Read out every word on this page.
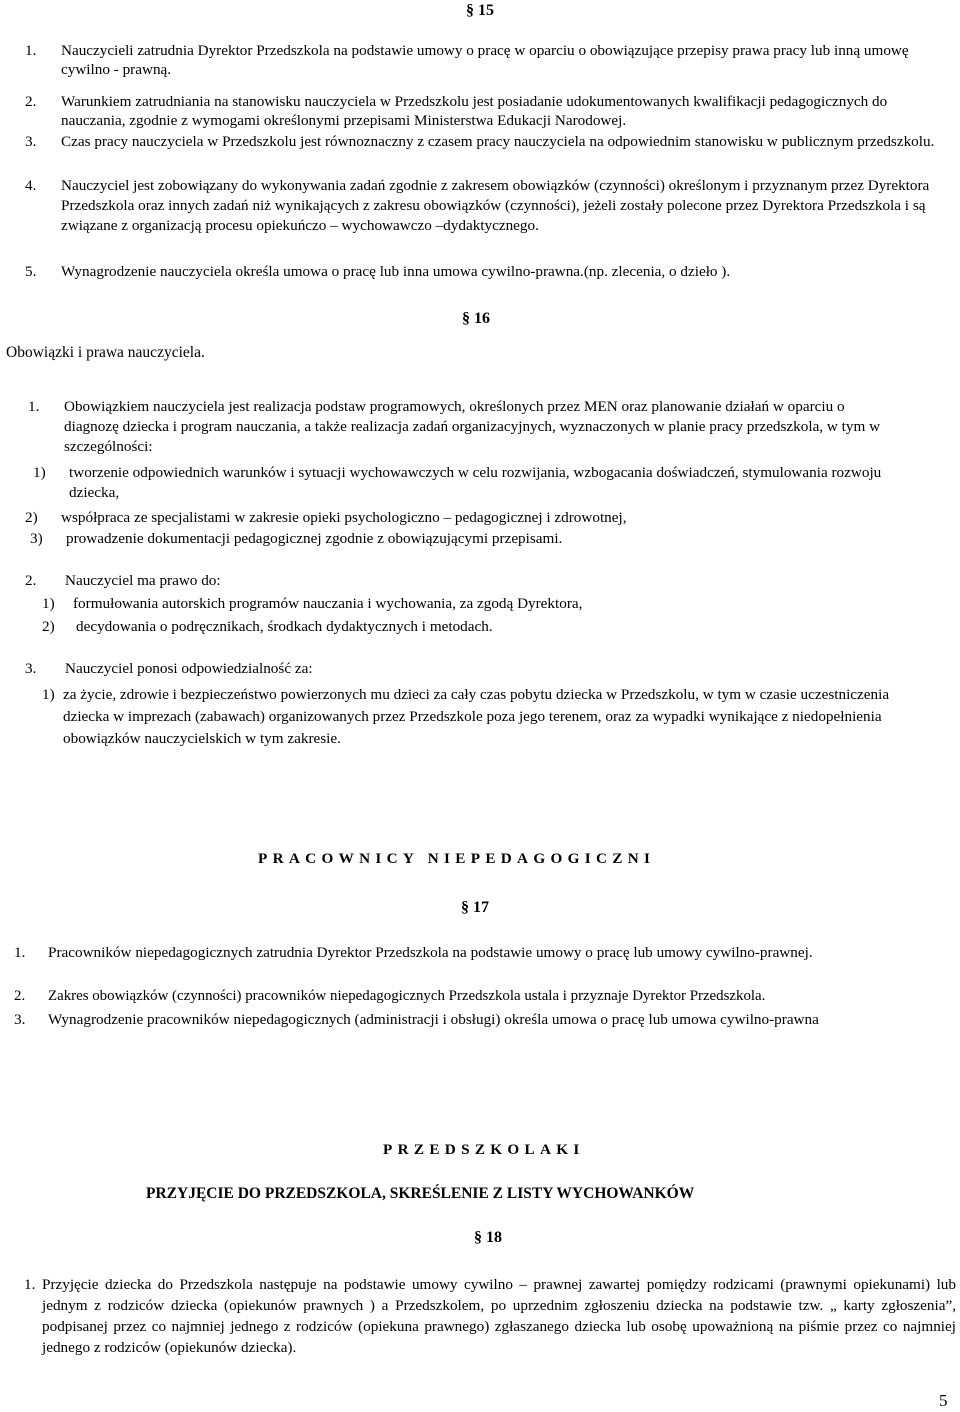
§ 15
1. Nauczycieli zatrudnia Dyrektor Przedszkola na podstawie umowy o pracę w oparciu o obowiązujące przepisy prawa pracy lub inną umowę cywilno - prawną.
2. Warunkiem zatrudniania na stanowisku nauczyciela w Przedszkolu jest posiadanie udokumentowanych kwalifikacji pedagogicznych do nauczania, zgodnie z wymogami określonymi przepisami Ministerstwa Edukacji Narodowej.
3. Czas pracy nauczyciela w Przedszkolu jest równoznaczny z czasem pracy nauczyciela na odpowiednim stanowisku w publicznym przedszkolu.
4. Nauczyciel jest zobowiązany do wykonywania zadań zgodnie z zakresem obowiązków (czynności) określonym i przyznanym przez Dyrektora Przedszkola oraz innych zadań niż wynikających z zakresu obowiązków (czynności), jeżeli zostały polecone przez Dyrektora Przedszkola i są związane z organizacją procesu opiekuńczo – wychowawczo –dydaktycznego.
5. Wynagrodzenie nauczyciela określa umowa o pracę lub inna umowa cywilno-prawna.(np. zlecenia, o dzieło ).
§ 16
Obowiązki i prawa nauczyciela.
1. Obowiązkiem nauczyciela jest realizacja podstaw programowych, określonych przez MEN oraz planowanie działań w oparciu o diagnozę dziecka i program nauczania, a także realizacja zadań organizacyjnych, wyznaczonych w planie pracy przedszkola, w tym w szczególności:
1) tworzenie odpowiednich warunków i sytuacji wychowawczych w celu rozwijania, wzbogacania doświadczeń, stymulowania rozwoju dziecka,
2) współpraca ze specjalistami w zakresie opieki psychologiczno – pedagogicznej i zdrowotnej,
3) prowadzenie dokumentacji pedagogicznej zgodnie z obowiązującymi przepisami.
2. Nauczyciel ma prawo do:
1) formułowania autorskich programów nauczania i wychowania, za zgodą Dyrektora,
2) decydowania o podręcznikach, środkach dydaktycznych i metodach.
3. Nauczyciel ponosi odpowiedzialność za:
1) za życie, zdrowie i bezpieczeństwo powierzonych mu dzieci za cały czas pobytu dziecka w Przedszkolu, w tym w czasie uczestniczenia dziecka w imprezach (zabawach) organizowanych przez Przedszkole poza jego terenem, oraz za wypadki wynikające z niedopełnienia obowiązków nauczycielskich w tym zakresie.
PRACOWNICY NIEPEDAGOGICZNI
§ 17
1. Pracowników niepedagogicznych zatrudnia Dyrektor Przedszkola na podstawie umowy o pracę lub umowy cywilno-prawnej.
2. Zakres obowiązków (czynności) pracowników niepedagogicznych Przedszkola ustala i przyznaje Dyrektor Przedszkola.
3. Wynagrodzenie pracowników niepedagogicznych (administracji i obsługi) określa umowa o pracę lub umowa cywilno-prawna
PRZEDSZKOLAKI
PRZYJĘCIE DO PRZEDSZKOLA, SKREŚLENIE Z LISTY WYCHOWANKÓW
§ 18
1. Przyjęcie dziecka do Przedszkola następuje na podstawie umowy cywilno – prawnej zawartej pomiędzy rodzicami (prawnymi opiekunami) lub jednym z rodziców dziecka (opiekunów prawnych ) a Przedszkolem, po uprzednim zgłoszeniu dziecka na podstawie tzw. „ karty zgłoszenia”, podpisanej przez co najmniej jednego z rodziców (opiekuna prawnego) zgłaszanego dziecka lub osobę upoważnioną na piśmie przez co najmniej jednego z rodziców (opiekunów dziecka).
5
